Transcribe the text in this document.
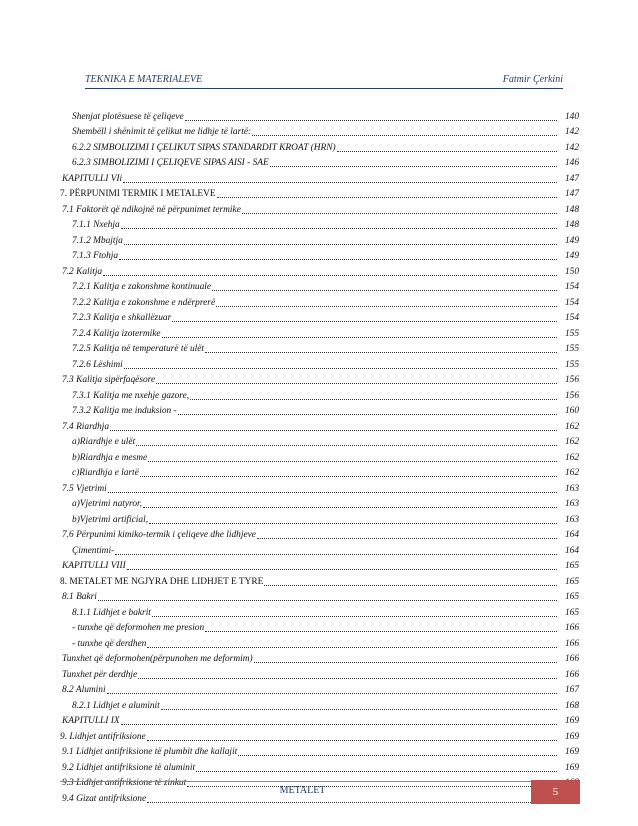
TEKNIKA E MATERIALEVE	Fatmir Çerkini
Shenjat plotësuese të çeliqeve	140
Shembëll i shënimit të çelikut me lidhje të lartë:	142
6.2.2 SIMBOLIZIMI I ÇELIKUT SIPAS STANDARDIT KROAT (HRN)	142
6.2.3 SIMBOLIZIMI I ÇELIQEVE SIPAS AISI - SAE	146
KAPITULLI VIi	147
7. PËRPUNIMI TERMIK I METALEVE	147
7.1 Faktorët që ndikojnë në përpunimet termike	148
7.1.1 Nxehja	148
7.1.2 Mbajtja	149
7.1.3 Ftohja	149
7.2 Kalitja	150
7.2.1 Kalitja e zakonshme kontinuale	154
7.2.2 Kalitja e zakonshme e ndërprerë	154
7.2.3 Kalitja e shkallëzuar	154
7.2.4 Kalitja izotermike	155
7.2.5 Kalitja në temperaturë të ulët	155
7.2.6 Lëshimi	155
7.3 Kalitja sipërfaqësore	156
7.3.1 Kalitja me nxehje gazore,	156
7.3.2 Kalitja me induksion -	160
7.4 Riardhja	162
a)Riardhje e ulët	162
b)Riardhja e mesme	162
c)Riardhja e lartë	162
7.5 Vjetrimi	163
a)Vjetrimi natyror,	163
b)Vjetrimi artificial,	163
7.6 Përpunimi kimiko-termik i çeliqeve dhe lidhjeve	164
Çimentimi-	164
KAPITULLI VIII	165
8. METALET ME NGJYRA DHE LIDHJET E TYRE	165
8.1 Bakri	165
8.1.1 Lidhjet e bakrit	165
- tunxhe që deformohen me presion	166
- tunxhe që derdhen	166
Tunxhet që deformohen(përpunohen me deformim)	166
Tunxhet për derdhje	166
8.2 Alumini	167
8.2.1 Lidhjet e aluminit	168
KAPITULLI IX	169
9. Lidhjet antifriksione	169
9.1 Lidhjet antifriksione të plumbit dhe kallajit	169
9.2 Lidhjet antifriksione të aluminit	169
9.3 Lidhjet antifriksione të zinkut
9.4 Gizat antifriksione
METALET	5
